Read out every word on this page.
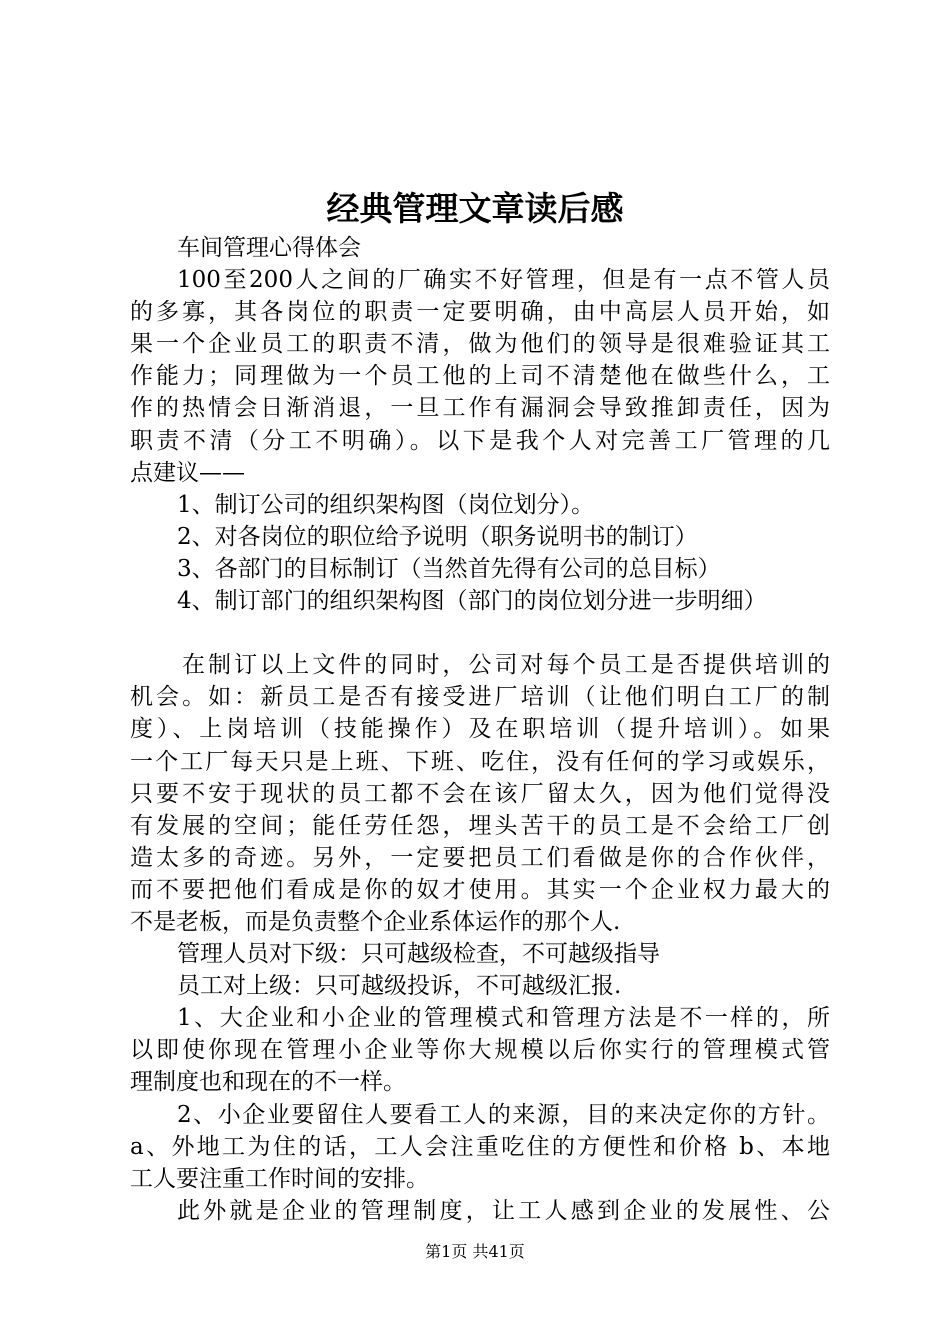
经典管理文章读后感
车间管理心得体会
100至200人之间的厂确实不好管理，但是有一点不管人员
的多寡，其各岗位的职责一定要明确，由中高层人员开始，如
果一个企业员工的职责不清，做为他们的领导是很难验证其工
作能力；同理做为一个员工他的上司不清楚他在做些什么，工
作的热情会日渐消退，一旦工作有漏洞会导致推卸责任，因为
职责不清（分工不明确）。以下是我个人对完善工厂管理的几
点建议——
1、制订公司的组织架构图（岗位划分）。
2、对各岗位的职位给予说明（职务说明书的制订）
3、各部门的目标制订（当然首先得有公司的总目标）
4、制订部门的组织架构图（部门的岗位划分进一步明细）
在制订以上文件的同时，公司对每个员工是否提供培训的
机会。如：新员工是否有接受进厂培训（让他们明白工厂的制
度）、上岗培训（技能操作）及在职培训（提升培训）。如果
一个工厂每天只是上班、下班、吃住，没有任何的学习或娱乐，
只要不安于现状的员工都不会在该厂留太久，因为他们觉得没
有发展的空间；能任劳任怨，埋头苦干的员工是不会给工厂创
造太多的奇迹。另外，一定要把员工们看做是你的合作伙伴，
而不要把他们看成是你的奴才使用。其实一个企业权力最大的
不是老板，而是负责整个企业系体运作的那个人.
管理人员对下级：只可越级检查，不可越级指导
员工对上级：只可越级投诉，不可越级汇报.
1、大企业和小企业的管理模式和管理方法是不一样的，所
以即使你现在管理小企业等你大规模以后你实行的管理模式管
理制度也和现在的不一样。
2、小企业要留住人要看工人的来源，目的来决定你的方针。
a、外地工为住的话，工人会注重吃住的方便性和价格 b、本地
工人要注重工作时间的安排。
此外就是企业的管理制度，让工人感到企业的发展性、公
第1页 共41页
